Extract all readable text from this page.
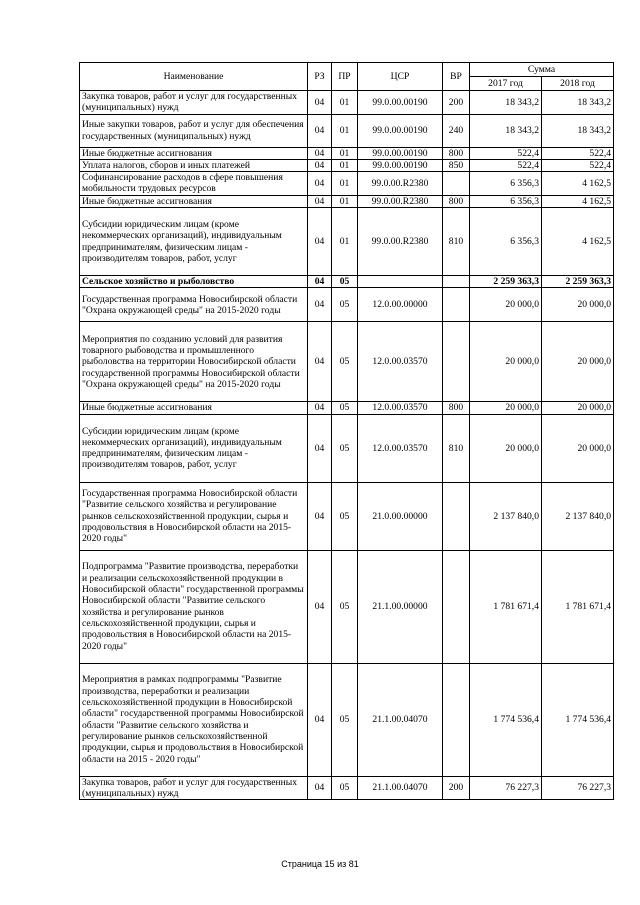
Наименование	РЗ	ПР	ЦСР	ВР	Сумма	
					2017 год	2018 год
Закупка товаров, работ и услуг для государственных (муниципальных) нужд	04	01	99.0.00.00190	200	18 343,2	18 343,2
Иные закупки товаров, работ и услуг для обеспечения государственных (муниципальных) нужд	04	01	99.0.00.00190	240	18 343,2	18 343,2
Иные бюджетные ассигнования	04	01	99.0.00.00190	800	522,4	522,4
Уплата налогов, сборов и иных платежей	04	01	99.0.00.00190	850	522,4	522,4
Софинансирование расходов в сфере повышения мобильности трудовых ресурсов	04	01	99.0.00.R2380		6 356,3	4 162,5
Иные бюджетные ассигнования	04	01	99.0.00.R2380	800	6 356,3	4 162,5
Субсидии юридическим лицам (кроме некоммерческих организаций), индивидуальным предпринимателям, физическим лицам - производителям товаров, работ, услуг	04	01	99.0.00.R2380	810	6 356,3	4 162,5
Сельское хозяйство и рыболовство	04	05			2 259 363,3	2 259 363,3
Государственная программа Новосибирской области "Охрана окружающей среды" на 2015-2020 годы	04	05	12.0.00.00000		20 000,0	20 000,0
Мероприятия по созданию условий для развития товарного рыбоводства и промышленного рыболовства на территории Новосибирской области государственной программы Новосибирской области "Охрана окружающей среды" на 2015-2020 годы	04	05	12.0.00.03570		20 000,0	20 000,0
Иные бюджетные ассигнования	04	05	12.0.00.03570	800	20 000,0	20 000,0
Субсидии юридическим лицам (кроме некоммерческих организаций), индивидуальным предпринимателям, физическим лицам - производителям товаров, работ, услуг	04	05	12.0.00.03570	810	20 000,0	20 000,0
Государственная программа Новосибирской области "Развитие сельского хозяйства и регулирование рынков сельскохозяйственной продукции, сырья и продовольствия в Новосибирской области на 2015-2020 годы"	04	05	21.0.00.00000		2 137 840,0	2 137 840,0
Подпрограмма "Развитие производства, переработки и реализации сельскохозяйственной продукции в Новосибирской области" государственной программы Новосибирской области "Развитие сельского хозяйства и регулирование рынков сельскохозяйственной продукции, сырья и продовольствия в Новосибирской области на 2015-2020 годы"	04	05	21.1.00.00000		1 781 671,4	1 781 671,4
Мероприятия в рамках подпрограммы "Развитие производства, переработки и реализации сельскохозяйственной продукции в Новосибирской области" государственной программы Новосибирской области "Развитие сельского хозяйства и регулирование рынков сельскохозяйственной продукции, сырья и продовольствия в Новосибирской области на 2015 - 2020 годы"	04	05	21.1.00.04070		1 774 536,4	1 774 536,4
Закупка товаров, работ и услуг для государственных (муниципальных) нужд	04	05	21.1.00.04070	200	76 227,3	76 227,3
Страница 15 из 81
